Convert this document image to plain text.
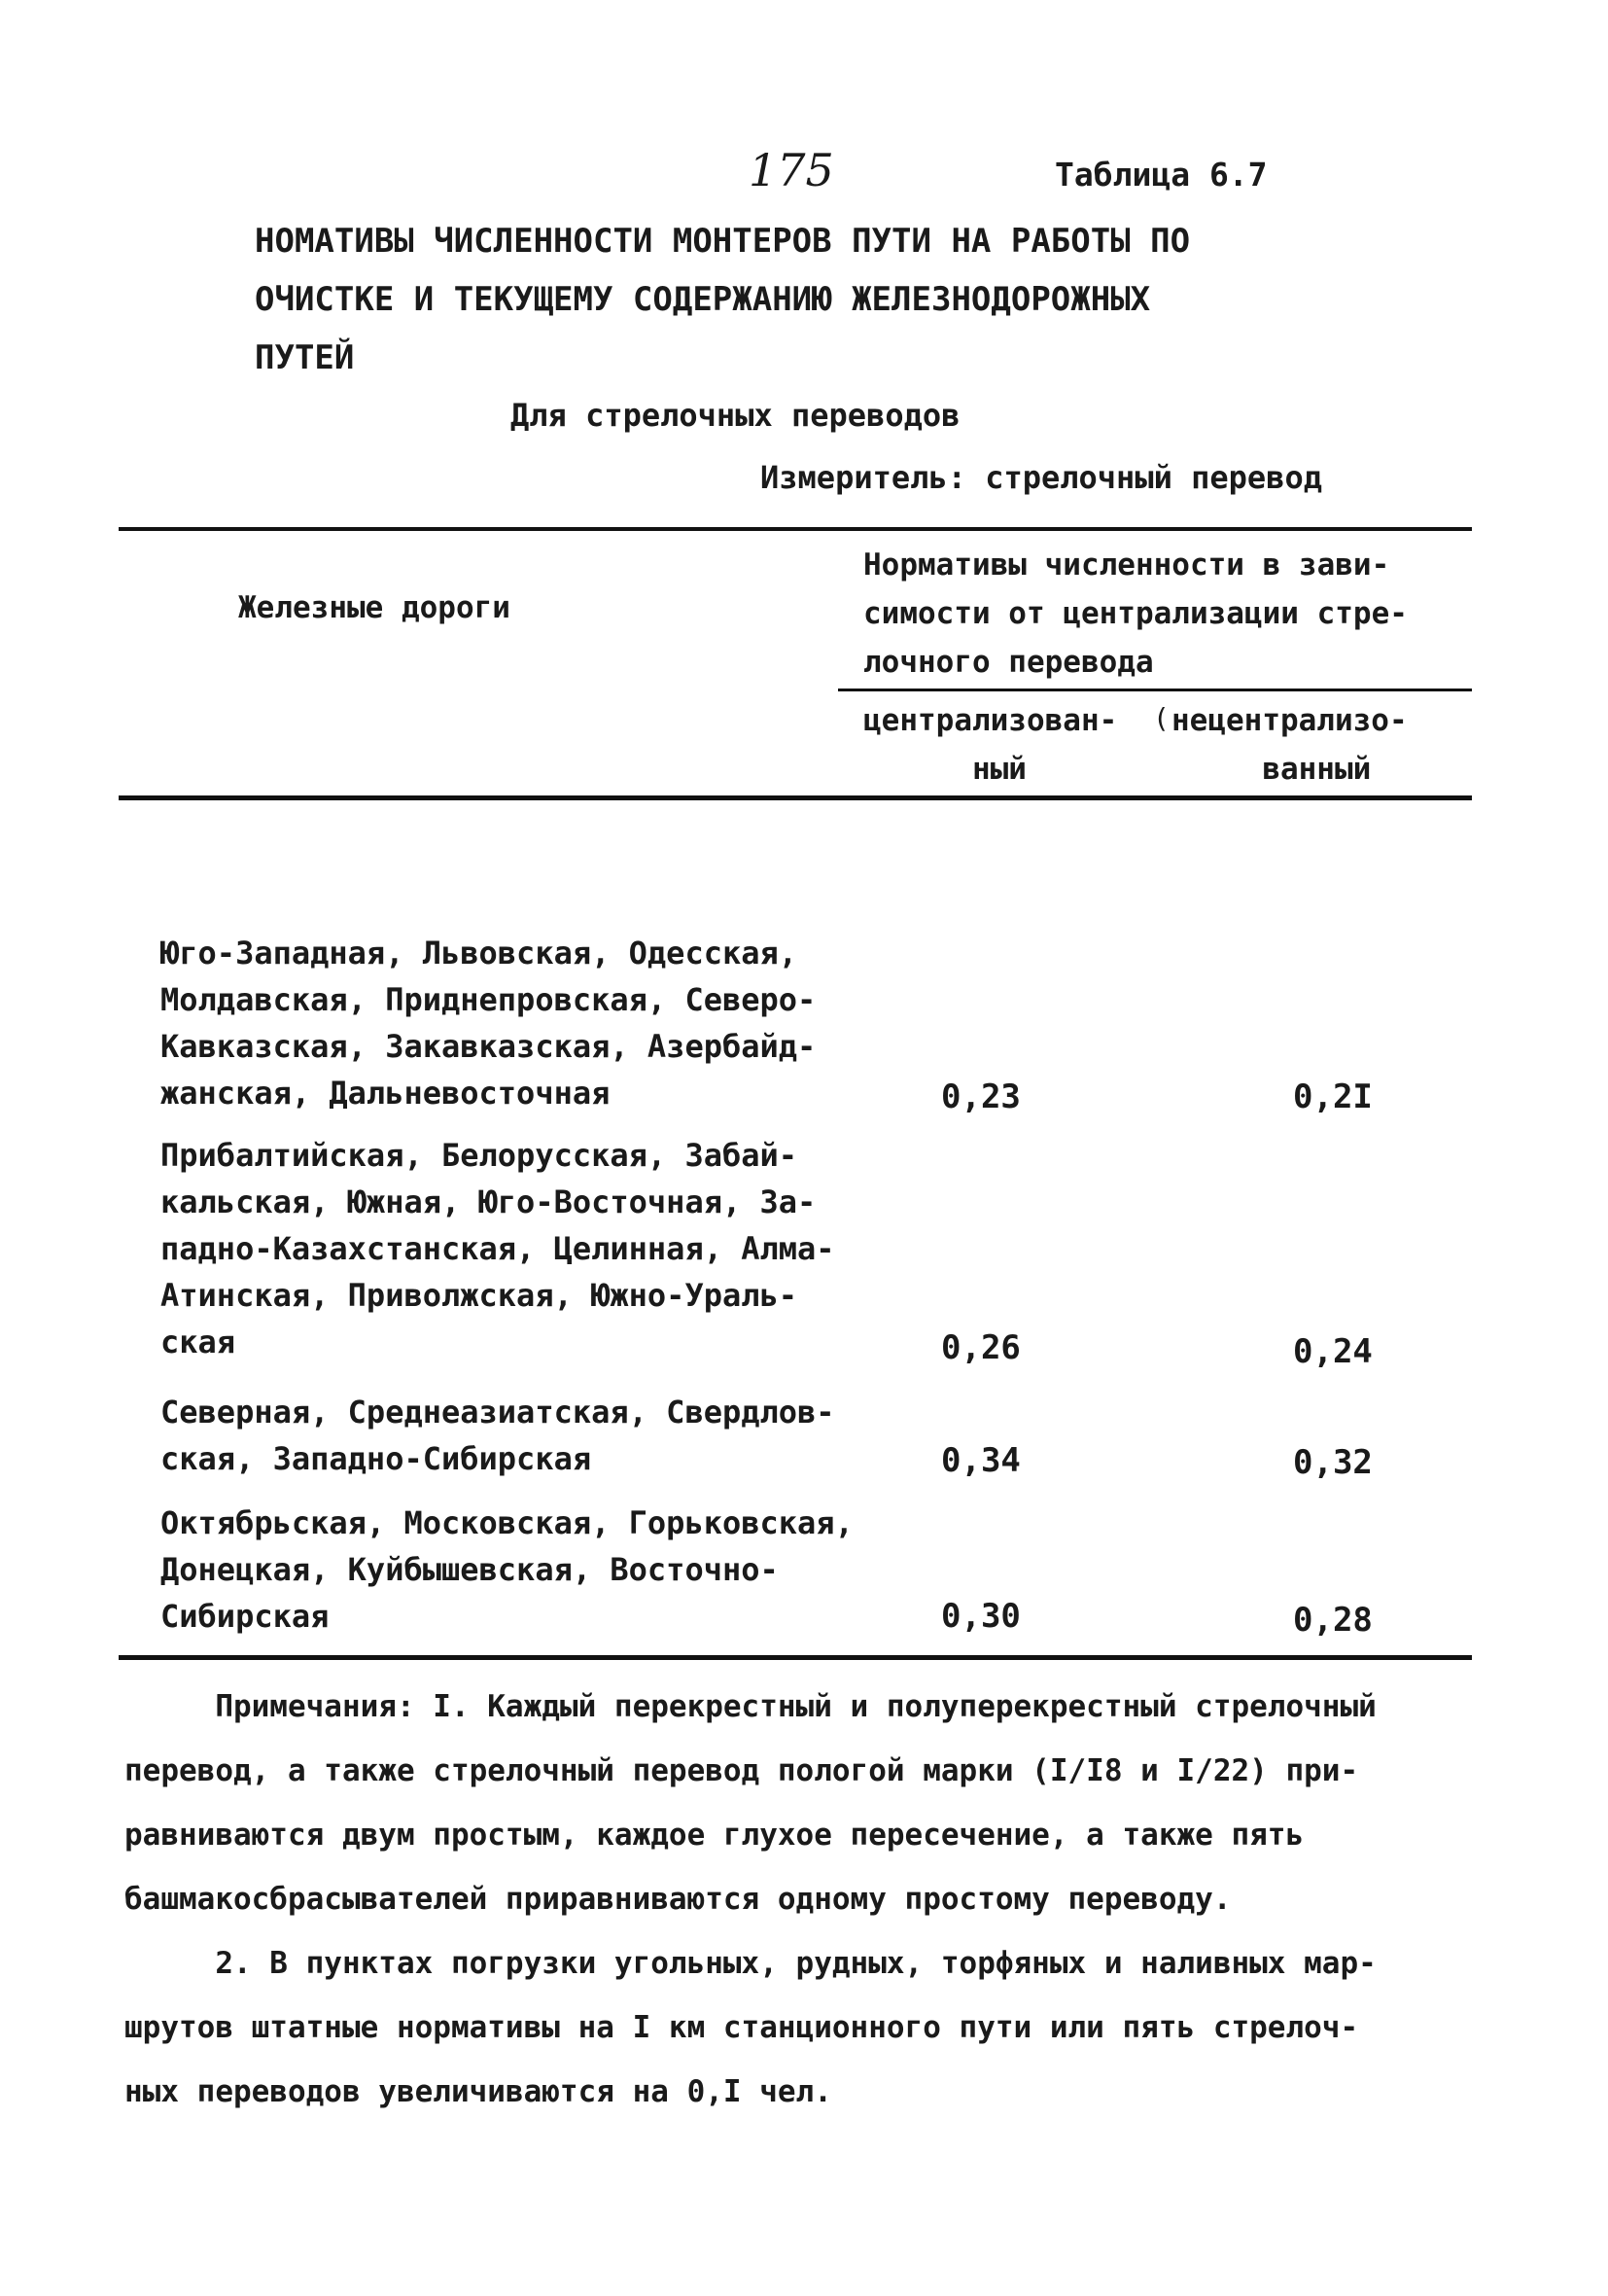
175	Таблица 6.7
НОМАТИВЫ ЧИСЛЕННОСТИ МОНТЕРОВ ПУТИ НА РАБОТЫ ПО
ОЧИСТКЕ И ТЕКУЩЕМУ СОДЕРЖАНИЮ ЖЕЛЕЗНОДОРОЖНЫХ
ПУТЕЙ
Для стрелочных переводов
Измеритель: стрелочный перевод
Железные дороги
Нормативы численности в зави-
симости от централизации стре-
лочного перевода
централизован-
ный
( нецентрализо-
ванный
Юго-Западная, Львовская, Одесская,
Молдавская, Приднепровская, Северо-
Кавказская, Закавказская, Азербайд-
жанская, Дальневосточная	0,23	0,2I
Прибалтийская, Белорусская, Забай-
кальская, Южная, Юго-Восточная, За-
падно-Казахстанская, Целинная, Алма-
Атинская, Приволжская, Южно-Ураль-
ская	0,26	0,24
Северная, Среднеазиатская, Свердлов-
ская, Западно-Сибирская	0,34	0,32
Октябрьская, Московская, Горьковская,
Донецкая, Куйбышевская, Восточно-
Сибирская	0,30	0,28
Примечания: I. Каждый перекрестный и полуперекрестный стрелочный
перевод, а также стрелочный перевод пологой марки (I/I8 и I/22) при-
равниваются двум простым, каждое глухое пересечение, а также пять
башмакосбрасывателей приравниваются одному простому переводу.
2. В пунктах погрузки угольных, рудных, торфяных и наливных мар-
шрутов штатные нормативы на I км станционного пути или пять стрелоч-
ных переводов увеличиваются на 0,I чел.
